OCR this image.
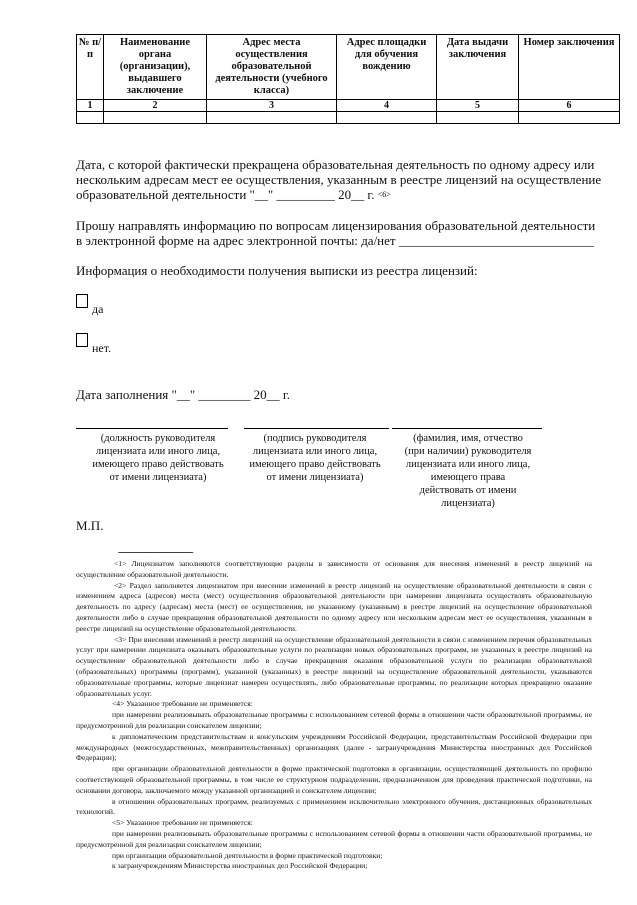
№ п/п	Наименование органа (организации), выдавшего заключение	Адрес места осуществления образовательной деятельности (учебного класса)	Адрес площадки для обучения вождению	Дата выдачи заключения	Номер заключения
1	2	3	4	5	6

Дата, с которой фактически прекращена образовательная деятельность по одному адресу или
нескольким адресам мест ее осуществления, указанным в реестре лицензий на осуществление
образовательной деятельности "__" _________ 20__ г. $^{<6>}$
Прошу направлять информацию по вопросам лицензирования образовательной деятельности
в электронной форме на адрес электронной почты: да/нет ______________________________
Информация о необходимости получения выписки из реестра лицензий:
да
нет.
Дата заполнения "__" ________ 20__ г.
(должность руководителя лицензиата или иного лица, имеющего право действовать от имени лицензиата)
(подпись руководителя лицензиата или иного лица, имеющего право действовать от имени лицензиата)
(фамилия, имя, отчество (при наличии) руководителя лицензиата или иного лица, имеющего права действовать от имени лицензиата)
М.П.
--------------------------------

<1> Лицензиатом заполняются соответствующие разделы в зависимости от основания для внесения изменений в реестр лицензий на осуществление образовательной деятельности.

<2> Раздел заполняется лицензиатом при внесении изменений в реестр лицензий на осуществление образовательной деятельности в связи с изменением адреса (адресов) места (мест) осуществления образовательной деятельности при намерении лицензиата осуществлять образовательную деятельность по адресу (адресам) места (мест) ее осуществления, не указанному (указанным) в реестре лицензий на осуществление образовательной деятельности либо в случае прекращения образовательной деятельности по одному адресу или нескольким адресам мест ее осуществления, указанным в реестре лицензий на осуществление образовательной деятельности.

<3> При внесении изменений в реестр лицензий на осуществление образовательной деятельности в связи с изменением перечня образовательных услуг при намерении лицензиата оказывать образовательные услуги по реализации новых образовательных программ, не указанных в реестре лицензий на осуществление образовательной деятельности либо в случае прекращения оказания образовательной услуги по реализации образовательной (образовательных) программы (программ), указанной (указанных) в реестре лицензий на осуществление образовательной деятельности, указываются образовательные программы, которые лицензиат намерен осуществлять, либо образовательные программы, по реализации которых прекращено оказание образовательных услуг.

<4> Указанное требование не применяется:

при намерении реализовывать образовательные программы с использованием сетевой формы в отношении части образовательной программы, не предусмотренной для реализации соискателем лицензии;

к дипломатическим представительствам и консульским учреждениям Российской Федерации, представительствам Российской Федерации при международных (межгосударственных, межправительственных) организациях (далее - загранучреждения Министерства иностранных дел Российской Федерации);

при организации образовательной деятельности в форме практической подготовки в организации, осуществляющей деятельность по профилю соответствующей образовательной программы, в том числе ее структурном подразделении, предназначенном для проведения практической подготовки, на основании договора, заключаемого между указанной организацией и соискателем лицензии;

в отношении образовательных программ, реализуемых с применением исключительно электронного обучения, дистанционных образовательных технологий.

<5> Указанное требование не применяется:

при намерении реализовывать образовательные программы с использованием сетевой формы в отношении части образовательной программы, не предусмотренной для реализации соискателем лицензии;

при организации образовательной деятельности в форме практической подготовки;

к загранучреждениям Министерства иностранных дел Российской Федерации;
